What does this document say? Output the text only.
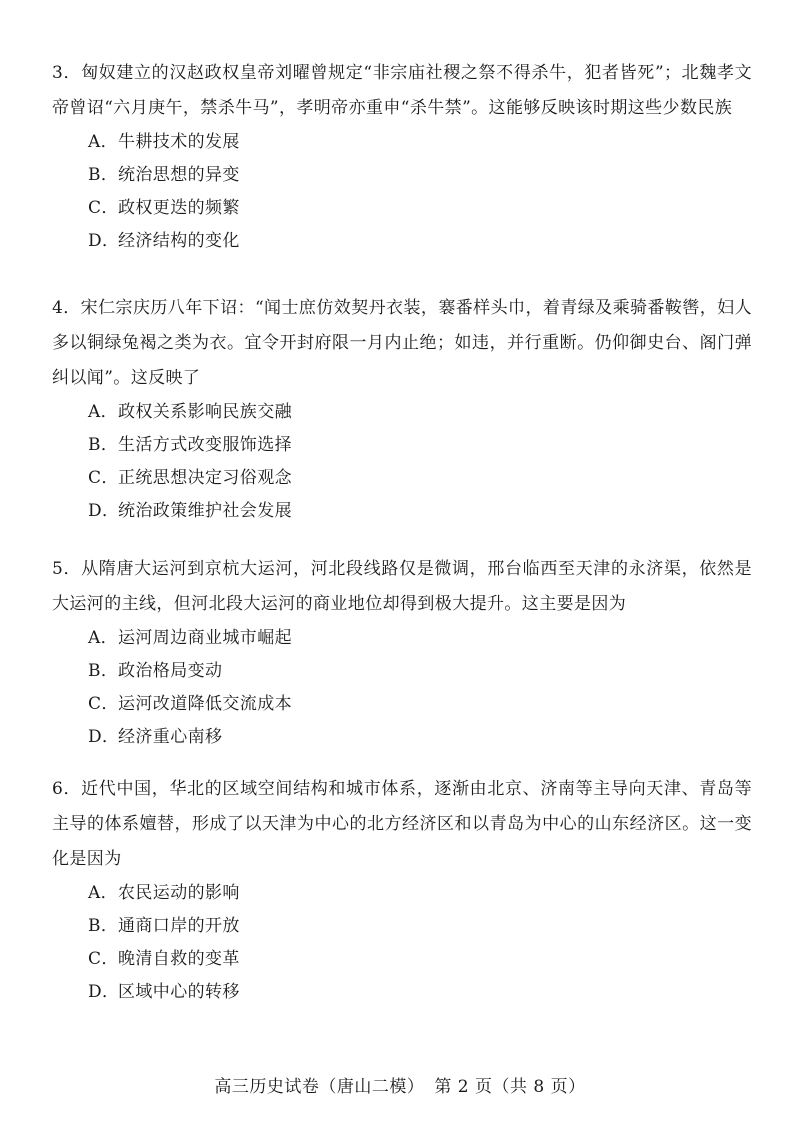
3．匈奴建立的汉赵政权皇帝刘曜曾规定“非宗庙社稷之祭不得杀牛，犯者皆死”；北魏孝文帝曾诏“六月庚午，禁杀牛马”，孝明帝亦重申“杀牛禁”。这能够反映该时期这些少数民族

A．牛耕技术的发展
B．统治思想的异变
C．政权更迭的频繁
D．经济结构的变化

4．宋仁宗庆历八年下诏：“闻士庶仿效契丹衣装，褰番样头巾，着青绿及乘骑番鞍辔，妇人多以铜绿兔褐之类为衣。宜令开封府限一月内止绝；如违，并行重断。仍仰御史台、阁门弹纠以闻”。这反映了

A．政权关系影响民族交融
B．生活方式改变服饰选择
C．正统思想决定习俗观念
D．统治政策维护社会发展

5．从隋唐大运河到京杭大运河，河北段线路仅是微调，邢台临西至天津的永济渠，依然是大运河的主线，但河北段大运河的商业地位却得到极大提升。这主要是因为

A．运河周边商业城市崛起
B．政治格局变动
C．运河改道降低交流成本
D．经济重心南移

6．近代中国，华北的区域空间结构和城市体系，逐渐由北京、济南等主导向天津、青岛等主导的体系嬗替，形成了以天津为中心的北方经济区和以青岛为中心的山东经济区。这一变化是因为

A．农民运动的影响
B．通商口岸的开放
C．晚清自救的变革
D．区域中心的转移
高三历史试卷（唐山二模） 第 2 页（共 8 页）
